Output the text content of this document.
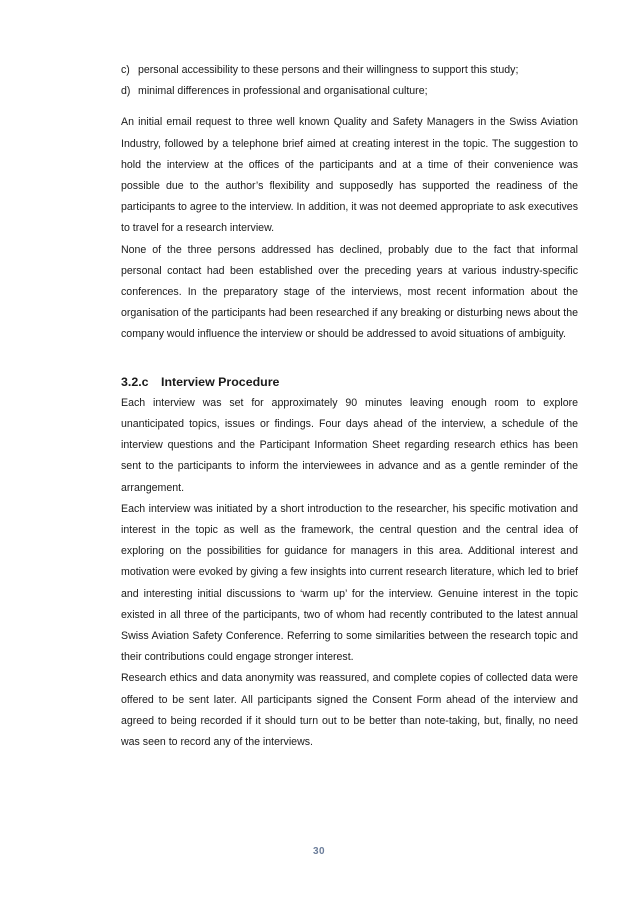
c) personal accessibility to these persons and their willingness to support this study;
d) minimal differences in professional and organisational culture;

An initial email request to three well known Quality and Safety Managers in the Swiss Aviation Industry, followed by a telephone brief aimed at creating interest in the topic. The suggestion to hold the interview at the offices of the participants and at a time of their convenience was possible due to the author’s flexibility and supposedly has supported the readiness of the participants to agree to the interview. In addition, it was not deemed appropriate to ask executives to travel for a research interview.

None of the three persons addressed has declined, probably due to the fact that informal personal contact had been established over the preceding years at various industry-specific conferences. In the preparatory stage of the interviews, most recent information about the organisation of the participants had been researched if any breaking or disturbing news about the company would influence the interview or should be addressed to avoid situations of ambiguity.

3.2.c	Interview Procedure

Each interview was set for approximately 90 minutes leaving enough room to explore unanticipated topics, issues or findings. Four days ahead of the interview, a schedule of the interview questions and the Participant Information Sheet regarding research ethics has been sent to the participants to inform the interviewees in advance and as a gentle reminder of the arrangement.

Each interview was initiated by a short introduction to the researcher, his specific motivation and interest in the topic as well as the framework, the central question and the central idea of exploring on the possibilities for guidance for managers in this area. Additional interest and motivation were evoked by giving a few insights into current research literature, which led to brief and interesting initial discussions to ‘warm up’ for the interview. Genuine interest in the topic existed in all three of the participants, two of whom had recently contributed to the latest annual Swiss Aviation Safety Conference. Referring to some similarities between the research topic and their contributions could engage stronger interest.

Research ethics and data anonymity was reassured, and complete copies of collected data were offered to be sent later. All participants signed the Consent Form ahead of the interview and agreed to being recorded if it should turn out to be better than note-taking, but, finally, no need was seen to record any of the interviews.

30
